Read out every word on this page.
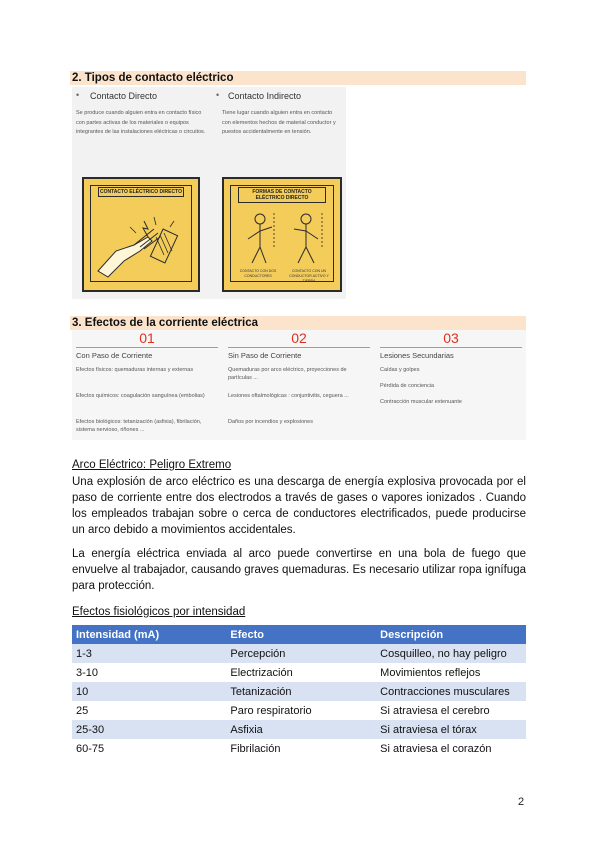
2. Tipos de contacto eléctrico
• Contacto Directo
Se produce cuando alguien entra en contacto físico con partes activas de los materiales o equipos integrantes de las instalaciones eléctricas o circuitos.
• Contacto Indirecto
Tiene lugar cuando alguien entra en contacto con elementos hechos de material conductor y puestos accidentalmente en tensión.
CONTACTO ELÉCTRICO DIRECTO	FORMAS DE CONTACTO ELÉCTRICO DIRECTO
CONTACTO CON DOS CONDUCTORES
CONTACTO CON UN CONDUCTOR ACTIVO Y TIERRA
3. Efectos de la corriente eléctrica
01	02	03
Con Paso de Corriente
Efectos físicos: quemaduras internas y externas
Efectos químicos: coagulación sanguínea (embolias)
Efectos biológicos: tetanización (asfixia), fibrilación, sistema nervioso, riñones ...
Sin Paso de Corriente
Quemaduras por arco eléctrico, proyecciones de partículas ...
Lesiones oftalmológicas : conjuntivitis, ceguera ...
Daños por incendios y explosiones
Lesiones Secundarias
Caídas y golpes
Pérdida de conciencia
Contracción muscular extenuante
Arco Eléctrico: Peligro Extremo
Una explosión de arco eléctrico es una descarga de energía explosiva provocada por el paso de corriente entre dos electrodos a través de gases o vapores ionizados . Cuando los empleados trabajan sobre o cerca de conductores electrificados, puede producirse un arco debido a movimientos accidentales.
La energía eléctrica enviada al arco puede convertirse en una bola de fuego que envuelve al trabajador, causando graves quemaduras. Es necesario utilizar ropa ignífuga para protección.
Efectos fisiológicos por intensidad
Intensidad (mA)	Efecto	Descripción
1-3	Percepción	Cosquilleo, no hay peligro
3-10	Electrización	Movimientos reflejos
10	Tetanización	Contracciones musculares
25	Paro respiratorio	Si atraviesa el cerebro
25-30	Asfixia	Si atraviesa el tórax
60-75	Fibrilación	Si atraviesa el corazón
2
